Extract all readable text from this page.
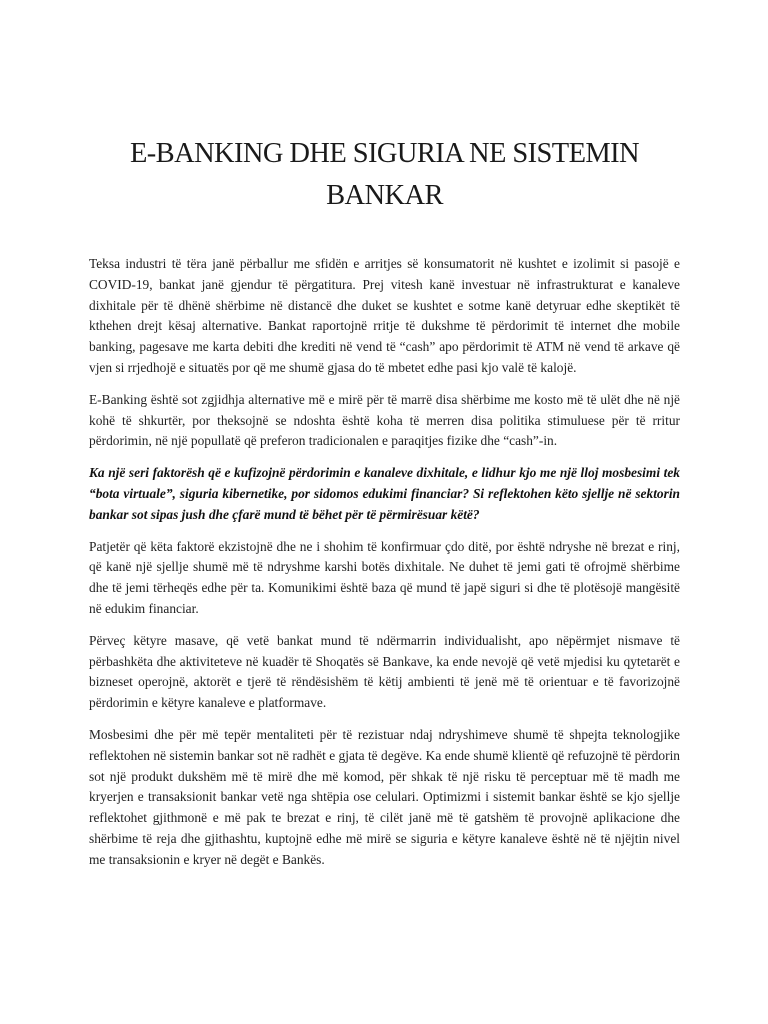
E-BANKING DHE SIGURIA NE SISTEMIN
BANKAR

Teksa industri të tëra janë përballur me sfidën e arritjes së konsumatorit në kushtet e izolimit si pasojë e COVID-19, bankat janë gjendur të përgatitura. Prej vitesh kanë investuar në infrastrukturat e kanaleve dixhitale për të dhënë shërbime në distancë dhe duket se kushtet e sotme kanë detyruar edhe skeptikët të kthehen drejt kësaj alternative. Bankat raportojnë rritje të dukshme të përdorimit të internet dhe mobile banking, pagesave me karta debiti dhe krediti në vend të “cash” apo përdorimit të ATM në vend të arkave që vjen si rrjedhojë e situatës por që me shumë gjasa do të mbetet edhe pasi kjo valë të kalojë.

E-Banking është sot zgjidhja alternative më e mirë për të marrë disa shërbime me kosto më të ulët dhe në një kohë të shkurtër, por theksojnë se ndoshta është koha të merren disa politika stimuluese për të rritur përdorimin, në një popullatë që preferon tradicionalen e paraqitjes fizike dhe “cash”-in.

Ka një seri faktorësh që e kufizojnë përdorimin e kanaleve dixhitale, e lidhur kjo me një lloj mosbesimi tek “bota virtuale”, siguria kibernetike, por sidomos edukimi financiar? Si reflektohen këto sjellje në sektorin bankar sot sipas jush dhe çfarë mund të bëhet për të përmirësuar këtë?

Patjetër që këta faktorë ekzistojnë dhe ne i shohim të konfirmuar çdo ditë, por është ndryshe në brezat e rinj, që kanë një sjellje shumë më të ndryshme karshi botës dixhitale. Ne duhet të jemi gati të ofrojmë shërbime dhe të jemi tërheqës edhe për ta. Komunikimi është baza që mund të japë siguri si dhe të plotësojë mangësitë në edukim financiar.

Përveç këtyre masave, që vetë bankat mund të ndërmarrin individualisht, apo nëpërmjet nismave të përbashkëta dhe aktiviteteve në kuadër të Shoqatës së Bankave, ka ende nevojë që vetë mjedisi ku qytetarët e bizneset operojnë, aktorët e tjerë të rëndësishëm të këtij ambienti të jenë më të orientuar e të favorizojnë përdorimin e këtyre kanaleve e platformave.

Mosbesimi dhe për më tepër mentaliteti për të rezistuar ndaj ndryshimeve shumë të shpejta teknologjike reflektohen në sistemin bankar sot në radhët e gjata të degëve. Ka ende shumë klientë që refuzojnë të përdorin sot një produkt dukshëm më të mirë dhe më komod, për shkak të një risku të perceptuar më të madh me kryerjen e transaksionit bankar vetë nga shtëpia ose celulari. Optimizmi i sistemit bankar është se kjo sjellje reflektohet gjithmonë e më pak te brezat e rinj, të cilët janë më të gatshëm të provojnë aplikacione dhe shërbime të reja dhe gjithashtu, kuptojnë edhe më mirë se siguria e këtyre kanaleve është në të njëjtin nivel me transaksionin e kryer në degët e Bankës.
